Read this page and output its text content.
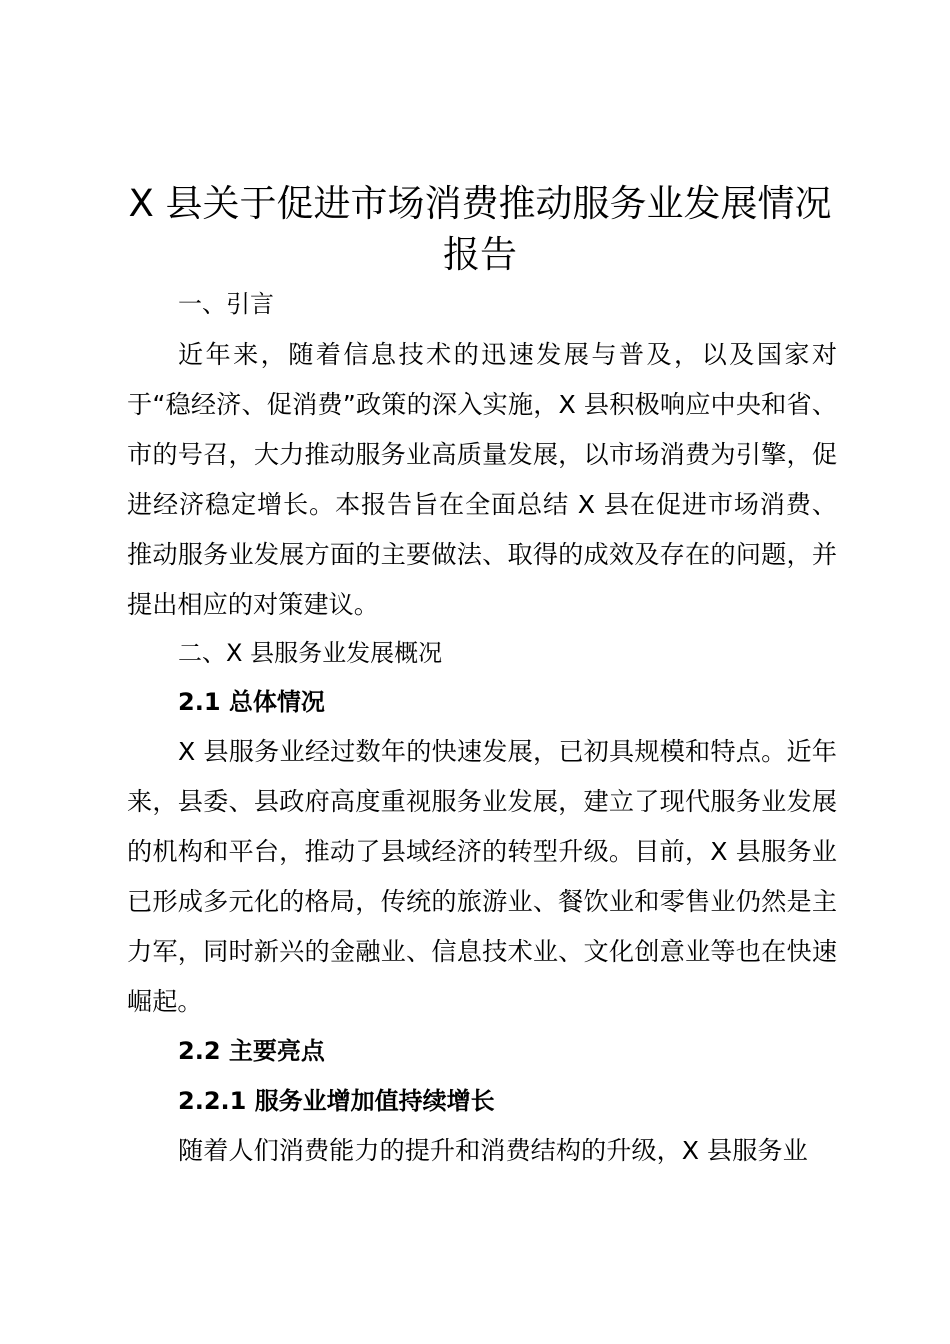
X 县关于促进市场消费推动服务业发展情况报告

一、引言

近年来，随着信息技术的迅速发展与普及，以及国家对于“稳经济、促消费”政策的深入实施，X 县积极响应中央和省、市的号召，大力推动服务业高质量发展，以市场消费为引擎，促进经济稳定增长。本报告旨在全面总结 X 县在促进市场消费、推动服务业发展方面的主要做法、取得的成效及存在的问题，并提出相应的对策建议。

二、X 县服务业发展概况

2.1 总体情况

X 县服务业经过数年的快速发展，已初具规模和特点。近年来，县委、县政府高度重视服务业发展，建立了现代服务业发展的机构和平台，推动了县域经济的转型升级。目前，X 县服务业已形成多元化的格局，传统的旅游业、餐饮业和零售业仍然是主力军，同时新兴的金融业、信息技术业、文化创意业等也在快速崛起。

2.2 主要亮点

2.2.1 服务业增加值持续增长

随着人们消费能力的提升和消费结构的升级，X 县服务业
